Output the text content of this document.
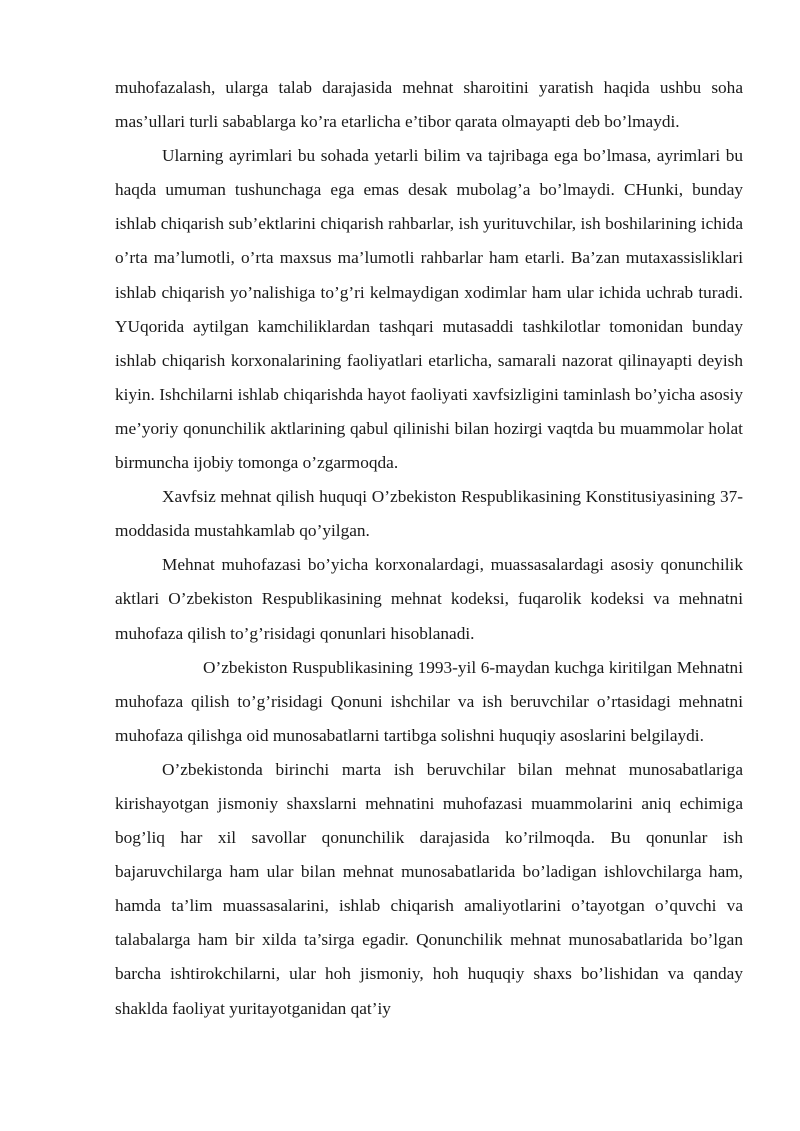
muhofazalash, ularga talab darajasida mehnat sharoitini yaratish haqida ushbu soha mas’ullari turli sabablarga ko’ra etarlicha e’tibor qarata olmayapti deb bo’lmaydi.

Ularning ayrimlari bu sohada yetarli bilim va tajribaga ega bo’lmasa, ayrimlari bu haqda umuman tushunchaga ega emas desak mubolag’a bo’lmaydi. CHunki, bunday ishlab chiqarish sub’ektlarini chiqarish rahbarlar, ish yurituvchilar, ish boshilarining ichida o’rta ma’lumotli, o’rta maxsus ma’lumotli rahbarlar ham etarli. Ba’zan mutaxassisliklari ishlab chiqarish yo’nalishiga to’g’ri kelmaydigan xodimlar ham ular ichida uchrab turadi. YUqorida aytilgan kamchiliklardan tashqari mutasaddi tashkilotlar tomonidan bunday ishlab chiqarish korxonalarining faoliyatlari etarlicha, samarali nazorat qilinayapti deyish kiyin. Ishchilarni ishlab chiqarishda hayot faoliyati xavfsizligini taminlash bo’yicha asosiy me’yoriy qonunchilik aktlarining qabul qilinishi bilan hozirgi vaqtda bu muammolar holat birmuncha ijobiy tomonga o’zgarmoqda.

Xavfsiz mehnat qilish huquqi O’zbekiston Respublikasining Konstitusiyasining 37-moddasida mustahkamlab qo’yilgan.

Mehnat muhofazasi bo’yicha korxonalardagi, muassasalardagi asosiy qonunchilik aktlari O’zbekiston Respublikasining mehnat kodeksi, fuqarolik kodeksi va mehnatni muhofaza qilish to’g’risidagi qonunlari hisoblanadi.

O’zbekiston Ruspublikasining 1993-yil 6-maydan kuchga kiritilgan Mehnatni muhofaza qilish to’g’risidagi Qonuni ishchilar va ish beruvchilar o’rtasidagi mehnatni muhofaza qilishga oid munosabatlarni tartibga solishni huquqiy asoslarini belgilaydi.

O’zbekistonda birinchi marta ish beruvchilar bilan mehnat munosabatlariga kirishayotgan jismoniy shaxslarni mehnatini muhofazasi muammolarini aniq echimiga bog’liq har xil savollar qonunchilik darajasida ko’rilmoqda. Bu qonunlar ish bajaruvchilarga ham ular bilan mehnat munosabatlarida bo’ladigan ishlovchilarga ham, hamda ta’lim muassasalarini, ishlab chiqarish amaliyotlarini o’tayotgan o’quvchi va talabalarga ham bir xilda ta’sirga egadir. Qonunchilik mehnat munosabatlarida bo’lgan barcha ishtirokchilarni, ular hoh jismoniy, hoh huquqiy shaxs bo’lishidan va qanday shaklda faoliyat yuritayotganidan qat’iy
